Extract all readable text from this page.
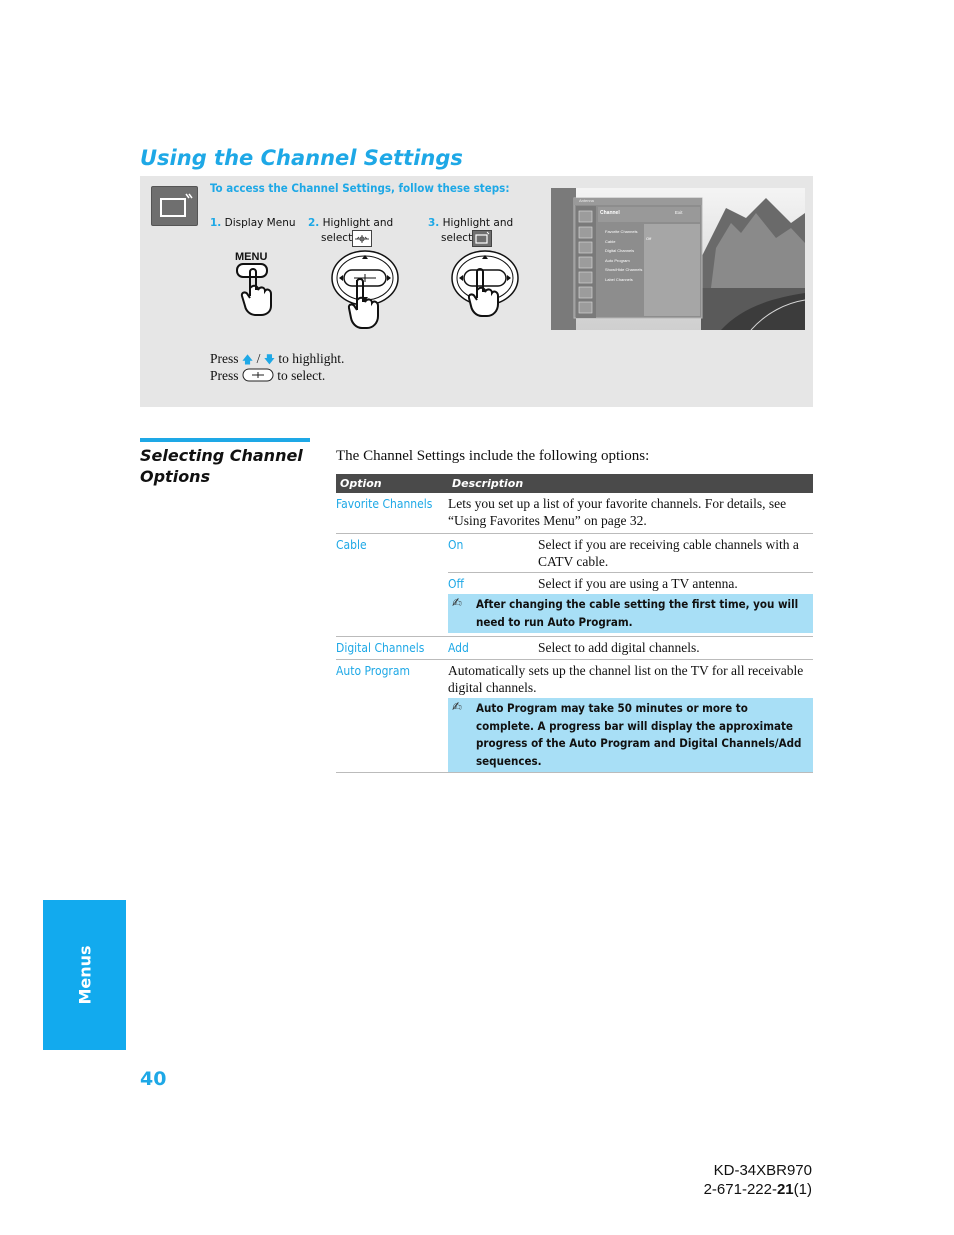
Using the Channel Settings
To access the Channel Settings, follow these steps:
1. Display Menu 2. Highlight and
select
3. Highlight and
select
MENU
Press 🡅 / 🡇 to highlight.
Press	to select.
Antenna
Channel	Exit
Favorite Channels
Cable
Digital Channels
Auto Program
Show/Hide Channels
Label Channels
Off
Selecting Channel Options
The Channel Settings include the following options:
Option	Description	
Favorite Channels	Lets you set up a list of your favorite channels. For details, see “Using Favorites Menu” on page 32.	
Cable	On	Select if you are receiving cable channels with a CATV cable.
	Off	Select if you are using a TV antenna.

	✍ After changing the cable setting the first time, you will need to run Auto Program.	

Digital Channels	Add	Select to add digital channels.
Auto Program	Automatically sets up the channel list on the TV for all receivable digital channels.	

	✍ Auto Program may take 50 minutes or more to complete. A progress bar will display the approximate progress of the Auto Program and Digital Channels/Add sequences.	
Menus
40
KD-34XBR970
2-671-222-21(1)
